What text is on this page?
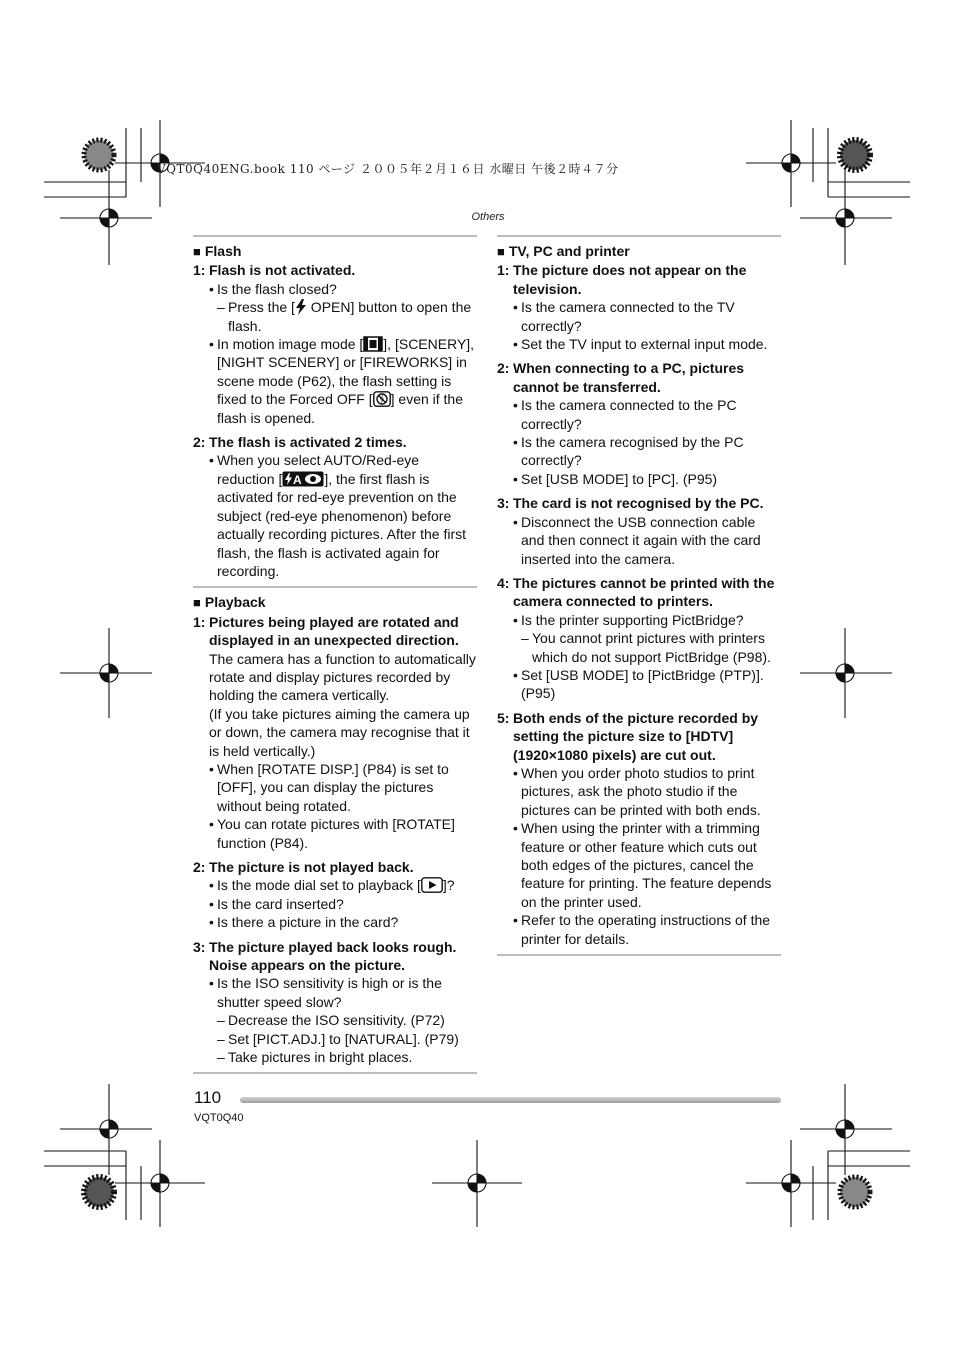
VQT0Q40ENG.book 110 ページ ２００５年２月１６日 水曜日 午後２時４７分
Others
■ Flash
1: Flash is not activated.
• Is the flash closed?
– Press the [ OPEN] button to open the flash.
• In motion image mode [ ], [SCENERY], [NIGHT SCENERY] or [FIREWORKS] in scene mode (P62), the flash setting is fixed to the Forced OFF [ ] even if the flash is opened.
2: The flash is activated 2 times.
• When you select AUTO/Red-eye reduction [ A ], the first flash is activated for red-eye prevention on the subject (red-eye phenomenon) before actually recording pictures. After the first flash, the flash is activated again for recording.
■ Playback
1: Pictures being played are rotated and displayed in an unexpected direction.
The camera has a function to automatically rotate and display pictures recorded by holding the camera vertically.
(If you take pictures aiming the camera up or down, the camera may recognise that it is held vertically.)
• When [ROTATE DISP.] (P84) is set to [OFF], you can display the pictures without being rotated.
• You can rotate pictures with [ROTATE] function (P84).
2: The picture is not played back.
• Is the mode dial set to playback [ ]?
• Is the card inserted?
• Is there a picture in the card?
3: The picture played back looks rough. Noise appears on the picture.
• Is the ISO sensitivity is high or is the shutter speed slow?
– Decrease the ISO sensitivity. (P72)
– Set [PICT.ADJ.] to [NATURAL]. (P79)
– Take pictures in bright places.
■ TV, PC and printer
1: The picture does not appear on the television.
• Is the camera connected to the TV correctly?
• Set the TV input to external input mode.
2: When connecting to a PC, pictures cannot be transferred.
• Is the camera connected to the PC correctly?
• Is the camera recognised by the PC correctly?
• Set [USB MODE] to [PC]. (P95)
3: The card is not recognised by the PC.
• Disconnect the USB connection cable and then connect it again with the card inserted into the camera.
4: The pictures cannot be printed with the camera connected to printers.
• Is the printer supporting PictBridge?
– You cannot print pictures with printers which do not support PictBridge (P98).
• Set [USB MODE] to [PictBridge (PTP)]. (P95)
5: Both ends of the picture recorded by setting the picture size to [HDTV] (1920×1080 pixels) are cut out.
• When you order photo studios to print pictures, ask the photo studio if the pictures can be printed with both ends.
• When using the printer with a trimming feature or other feature which cuts out both edges of the pictures, cancel the feature for printing. The feature depends on the printer used.
• Refer to the operating instructions of the printer for details.
110
VQT0Q40
